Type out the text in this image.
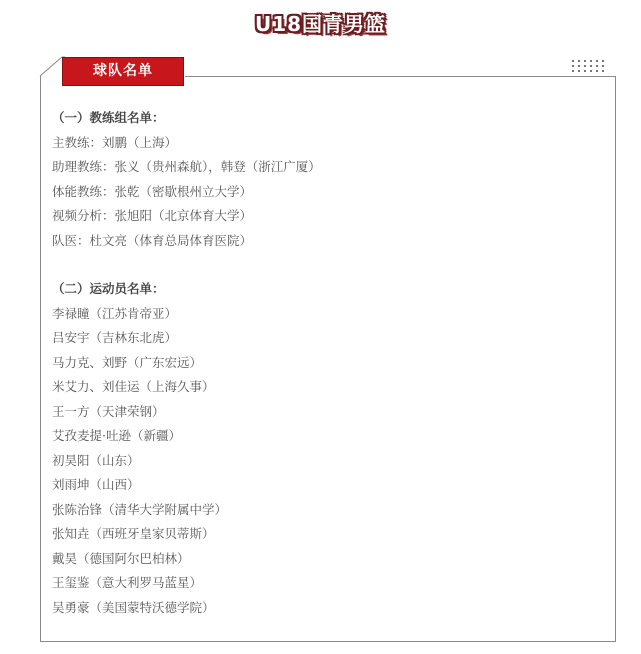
U18国青男篮
球队名单
（一）教练组名单：
主教练：刘鹏（上海）
助理教练：张义（贵州森航），韩登（浙江广厦）
体能教练：张乾（密歇根州立大学）
视频分析：张旭阳（北京体育大学）
队医：杜文亮（体育总局体育医院）
（二）运动员名单：
李禄瞳（江苏肯帝亚）
吕安宇（吉林东北虎）
马力克、刘野（广东宏远）
米艾力、刘佳运（上海久事）
王一方（天津荣钢）
艾孜麦提·吐逊（新疆）
初昊阳（山东）
刘雨坤（山西）
张陈治锋（清华大学附属中学）
张知垚（西班牙皇家贝蒂斯）
戴昊（德国阿尔巴柏林）
王玺鉴（意大利罗马蓝星）
吴勇豪（美国蒙特沃德学院）
